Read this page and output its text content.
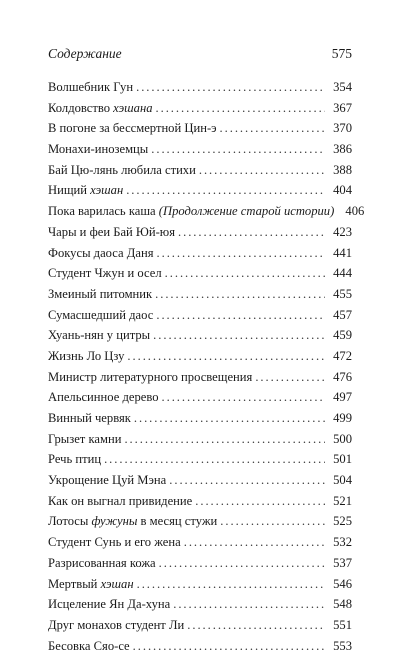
Содержание	575
Волшебник Гун . . .	354
Колдовство хэшана . . .	367
В погоне за бессмертной Цин-э . . .	370
Монахи-иноземцы . . .	386
Бай Цю-лянь любила стихи . . .	388
Нищий хэшан . . .	404
Пока варилась каша (Продолжение старой истории) 406
Чары и феи Бай Юй-юя . . .	423
Фокусы даоса Даня . . .	441
Студент Чжун и осел . . .	444
Змеиный питомник . . .	455
Сумасшедший даос . . .	457
Хуань-нян у цитры . . .	459
Жизнь Ло Цзу . . .	472
Министр литературного просвещения . . .	476
Апельсинное дерево . . .	497
Винный червяк . . .	499
Грызет камни . . .	500
Речь птиц . . .	501
Укрощение Цуй Мэна . . .	504
Как он выгнал привидение . . .	521
Лотосы фужуны в месяц стужи . . .	525
Студент Сунь и его жена . . .	532
Разрисованная кожа . . .	537
Мертвый хэшан . . .	546
Исцеление Ян Да-хуна . . .	548
Друг монахов студент Ли . . .	551
Бесовка Сяо-се . . .	553
